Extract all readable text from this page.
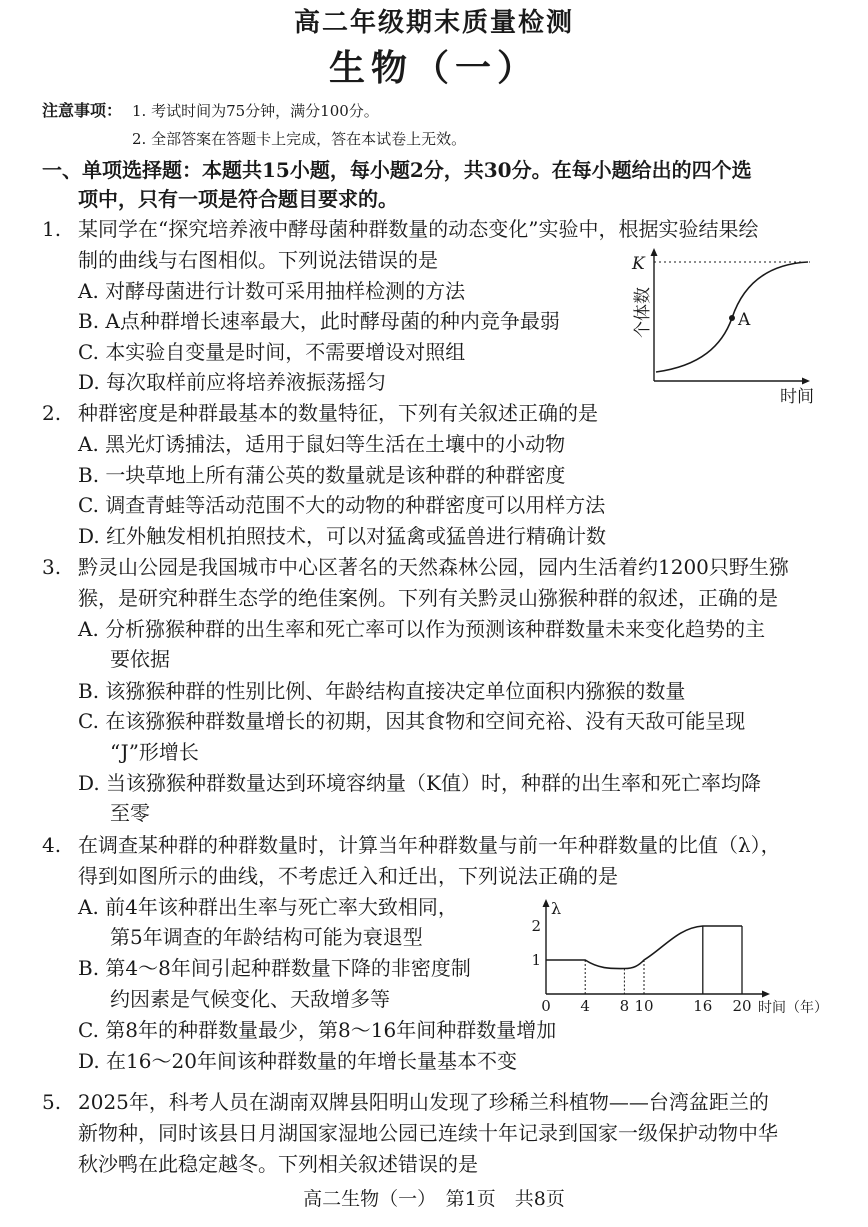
高二年级期末质量检测
生物（一）
注意事项： 1. 考试时间为75分钟，满分100分。
2. 全部答案在答题卡上完成，答在本试卷上无效。
一、单项选择题：本题共15小题，每小题2分，共30分。在每小题给出的四个选
项中，只有一项是符合题目要求的。
1. 某同学在“探究培养液中酵母菌种群数量的动态变化”实验中，根据实验结果绘
制的曲线与右图相似。下列说法错误的是
A. 对酵母菌进行计数可采用抽样检测的方法
B. A点种群增长速率最大，此时酵母菌的种内竞争最弱
C. 本实验自变量是时间，不需要增设对照组
D. 每次取样前应将培养液振荡摇匀
K
A
个体数
时间
2. 种群密度是种群最基本的数量特征，下列有关叙述正确的是
A. 黑光灯诱捕法，适用于鼠妇等生活在土壤中的小动物
B. 一块草地上所有蒲公英的数量就是该种群的种群密度
C. 调查青蛙等活动范围不大的动物的种群密度可以用样方法
D. 红外触发相机拍照技术，可以对猛禽或猛兽进行精确计数
3. 黔灵山公园是我国城市中心区著名的天然森林公园，园内生活着约1200只野生猕
猴，是研究种群生态学的绝佳案例。下列有关黔灵山猕猴种群的叙述，正确的是
A. 分析猕猴种群的出生率和死亡率可以作为预测该种群数量未来变化趋势的主
要依据
B. 该猕猴种群的性别比例、年龄结构直接决定单位面积内猕猴的数量
C. 在该猕猴种群数量增长的初期，因其食物和空间充裕、没有天敌可能呈现
“J”形增长
D. 当该猕猴种群数量达到环境容纳量（K值）时，种群的出生率和死亡率均降
至零
4. 在调查某种群的种群数量时，计算当年种群数量与前一年种群数量的比值（λ），
得到如图所示的曲线，不考虑迁入和迁出，下列说法正确的是
A. 前4年该种群出生率与死亡率大致相同，
第5年调查的年龄结构可能为衰退型
B. 第4～8年间引起种群数量下降的非密度制
约因素是气候变化、天敌增多等
C. 第8年的种群数量最少，第8～16年间种群数量增加
D. 在16～20年间该种群数量的年增长量基本不变
λ
时间（年）
0 4 8 10	16 20
1
2
5. 2025年，科考人员在湖南双牌县阳明山发现了珍稀兰科植物——台湾盆距兰的
新物种，同时该县日月湖国家湿地公园已连续十年记录到国家一级保护动物中华
秋沙鸭在此稳定越冬。下列相关叙述错误的是
高二生物（一）　第1页　共8页
